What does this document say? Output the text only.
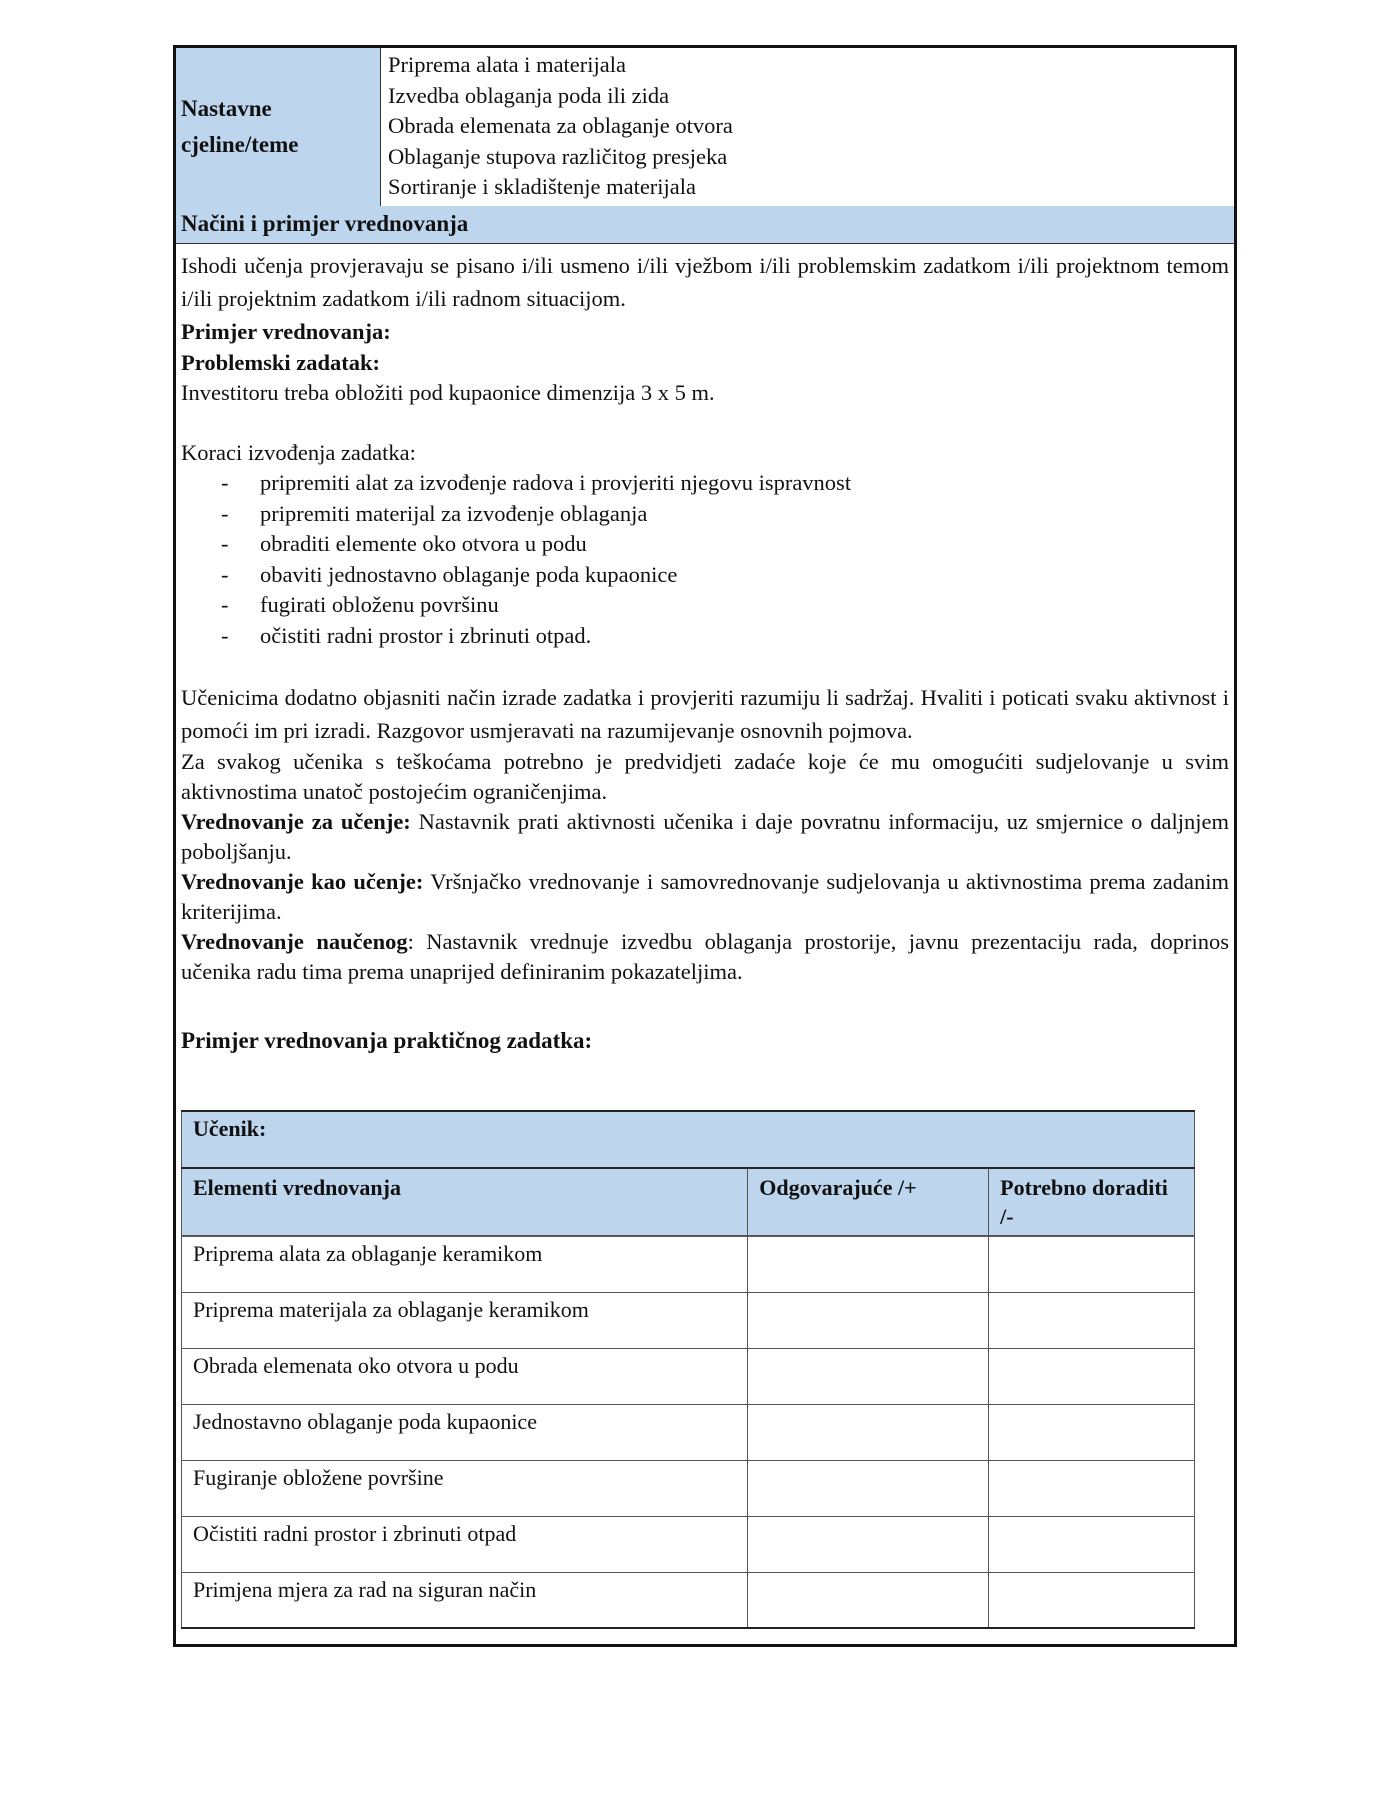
Nastavne cjeline/teme
Priprema alata i materijala
Izvedba oblaganja poda ili zida
Obrada elemenata za oblaganje otvora
Oblaganje stupova različitog presjeka
Sortiranje i skladištenje materijala
Načini i primjer vrednovanja

Ishodi učenja provjeravaju se pisano i/ili usmeno i/ili vježbom i/ili problemskim zadatkom i/ili projektnom temom i/ili projektnim zadatkom i/ili radnom situacijom.

Primjer vrednovanja:

Problemski zadatak:

Investitoru treba obložiti pod kupaonice dimenzija 3 x 5 m.

Koraci izvođenja zadatka:

- pripremiti alat za izvođenje radova i provjeriti njegovu ispravnost
- pripremiti materijal za izvođenje oblaganja
- obraditi elemente oko otvora u podu
- obaviti jednostavno oblaganje poda kupaonice
- fugirati obloženu površinu
- očistiti radni prostor i zbrinuti otpad.

Učenicima dodatno objasniti način izrade zadatka i provjeriti razumiju li sadržaj. Hvaliti i poticati svaku aktivnost i pomoći im pri izradi. Razgovor usmjeravati na razumijevanje osnovnih pojmova.

Za svakog učenika s teškoćama potrebno je predvidjeti zadaće koje će mu omogućiti sudjelovanje u svim aktivnostima unatoč postojećim ograničenjima.

Vrednovanje za učenje: Nastavnik prati aktivnosti učenika i daje povratnu informaciju, uz smjernice o daljnjem poboljšanju.

Vrednovanje kao učenje: Vršnjačko vrednovanje i samovrednovanje sudjelovanja u aktivnostima prema zadanim kriterijima.

Vrednovanje naučenog: Nastavnik vrednuje izvedbu oblaganja prostorije, javnu prezentaciju rada, doprinos učenika radu tima prema unaprijed definiranim pokazateljima.

Primjer vrednovanja praktičnog zadatka:
Učenik:		
Elementi vrednovanja	Odgovarajuće /+	Potrebno doraditi /-
Priprema alata za oblaganje keramikom		
Priprema materijala za oblaganje keramikom		
Obrada elemenata oko otvora u podu		
Jednostavno oblaganje poda kupaonice		
Fugiranje obložene površine		
Očistiti radni prostor i zbrinuti otpad		
Primjena mjera za rad na siguran način		
